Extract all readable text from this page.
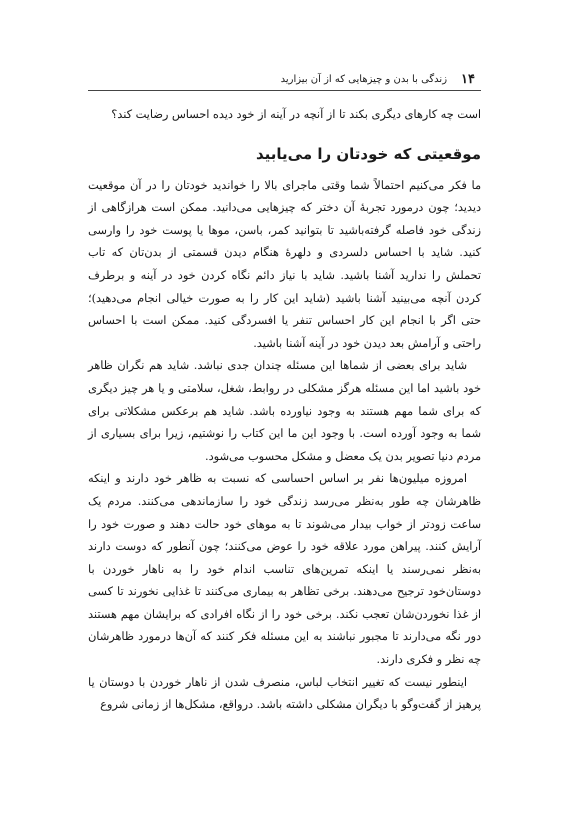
۱۴
زندگی با بدن و چیزهایی که از آن بیزارید

است چه کارهای دیگری بکند تا از آنچه در آینه از خود دیده احساس رضایت کند؟

موقعیتی که خودتان را می‌یابید

ما فکر می‌کنیم احتمالاً شما وقتی ماجرای بالا را خواندید خودتان را در آن موقعیت دیدید؛ چون درمورد تجربهٔ آن دختر که چیزهایی می‌دانید. ممکن است هرازگاهی از زندگی خود فاصله گرفته‌باشید تا بتوانید کمر، باسن، موها یا پوست خود را وارسی کنید. شاید با احساس دلسردی و دلهرهٔ هنگام دیدن قسمتی از بدن‌تان که تاب تحملش را ندارید آشنا باشید. شاید با نیاز دائم نگاه کردن خود در آینه و برطرف کردن آنچه می‌بینید آشنا باشید (شاید این کار را به صورت خیالی انجام می‌دهید)؛ حتی اگر با انجام این کار احساس تنفر یا افسردگی کنید. ممکن است با احساس راحتی و آرامش بعد دیدن خود در آینه آشنا باشید.

شاید برای بعضی از شماها این مسئله چندان جدی نباشد. شاید هم نگران ظاهر خود باشید اما این مسئله هرگز مشکلی در روابط، شغل، سلامتی و یا هر چیز دیگری که برای شما مهم هستند به وجود نیاورده باشد. شاید هم برعکس مشکلاتی برای شما به وجود آورده است. با وجود این ما این کتاب را نوشتیم، زیرا برای بسیاری از مردم دنیا تصویر بدن یک معضل و مشکل محسوب می‌شود.

امروزه میلیون‌ها نفر بر اساس احساسی که نسبت به ظاهر خود دارند و اینکه ظاهرشان چه طور به‌نظر می‌رسد زندگی خود را سازماندهی می‌کنند. مردم یک ساعت زودتر از خواب بیدار می‌شوند تا به موهای خود حالت دهند و صورت خود را آرایش کنند. پیراهن مورد علاقه خود را عوض می‌کنند؛ چون آنطور که دوست دارند به‌نظر نمی‌رسند یا اینکه تمرین‌های تناسب اندام خود را به ناهار خوردن با دوستان‌خود ترجیح می‌دهند. برخی تظاهر به بیماری می‌کنند تا غذایی نخورند تا کسی از غذا نخوردن‌شان تعجب نکند. برخی خود را از نگاه افرادی که برایشان مهم هستند دور نگه می‌دارند تا مجبور نباشند به این مسئله فکر کنند که آن‌ها درمورد ظاهرشان چه نظر و فکری دارند.

اینطور نیست که تغییر انتخاب لباس، منصرف شدن از ناهار خوردن با دوستان یا پرهیز از گفت‌وگو با دیگران مشکلی داشته باشد. درواقع، مشکل‌ها از زمانی شروع
